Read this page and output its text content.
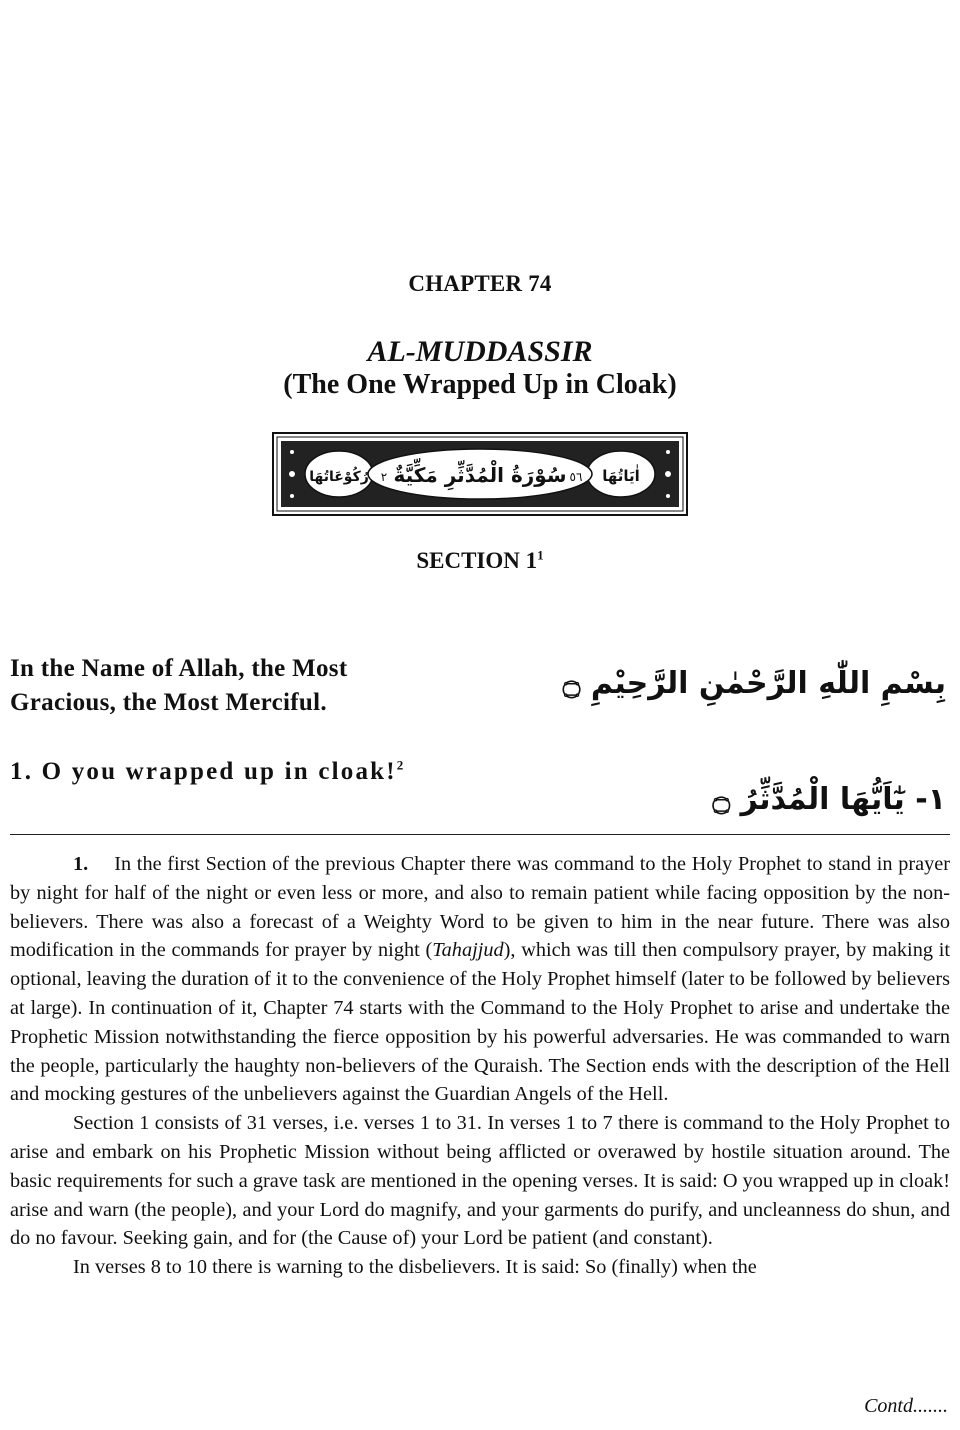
CHAPTER 74
AL-MUDDASSIR
(The One Wrapped Up in Cloak)
رُكُوْعَاتُهَا	اٰيَاتُهَا
سُوْرَةُ الْمُدَّثِّرِ مَكِّيَّةٌ
٢	٥٦
SECTION $1^1$
In the Name of Allah, the Most Gracious, the Most Merciful.
بِسْمِ اللّٰهِ الرَّحْمٰنِ الرَّحِيْمِ ۝
1. O you wrapped up in cloak!$^2$
١- يٰٓاَيُّهَا الْمُدَّثِّرُ ۝

1. In the first Section of the previous Chapter there was command to the Holy Prophet to stand in prayer by night for half of the night or even less or more, and also to remain patient while facing opposition by the non-believers. There was also a forecast of a Weighty Word to be given to him in the near future. There was also modification in the commands for prayer by night (Tahajjud), which was till then compulsory prayer, by making it optional, leaving the duration of it to the convenience of the Holy Prophet himself (later to be followed by believers at large). In continuation of it, Chapter 74 starts with the Command to the Holy Prophet to arise and undertake the Prophetic Mission notwithstanding the fierce opposition by his powerful adversaries. He was commanded to warn the people, particularly the haughty non-believers of the Quraish. The Section ends with the description of the Hell and mocking gestures of the unbelievers against the Guardian Angels of the Hell.

Section 1 consists of 31 verses, i.e. verses 1 to 31. In verses 1 to 7 there is command to the Holy Prophet to arise and embark on his Prophetic Mission without being afflicted or overawed by hostile situation around. The basic requirements for such a grave task are mentioned in the opening verses. It is said: O you wrapped up in cloak! arise and warn (the people), and your Lord do magnify, and your garments do purify, and uncleanness do shun, and do no favour. Seeking gain, and for (the Cause of) your Lord be patient (and constant).

In verses 8 to 10 there is warning to the disbelievers. It is said: So (finally) when the

Contd.......
